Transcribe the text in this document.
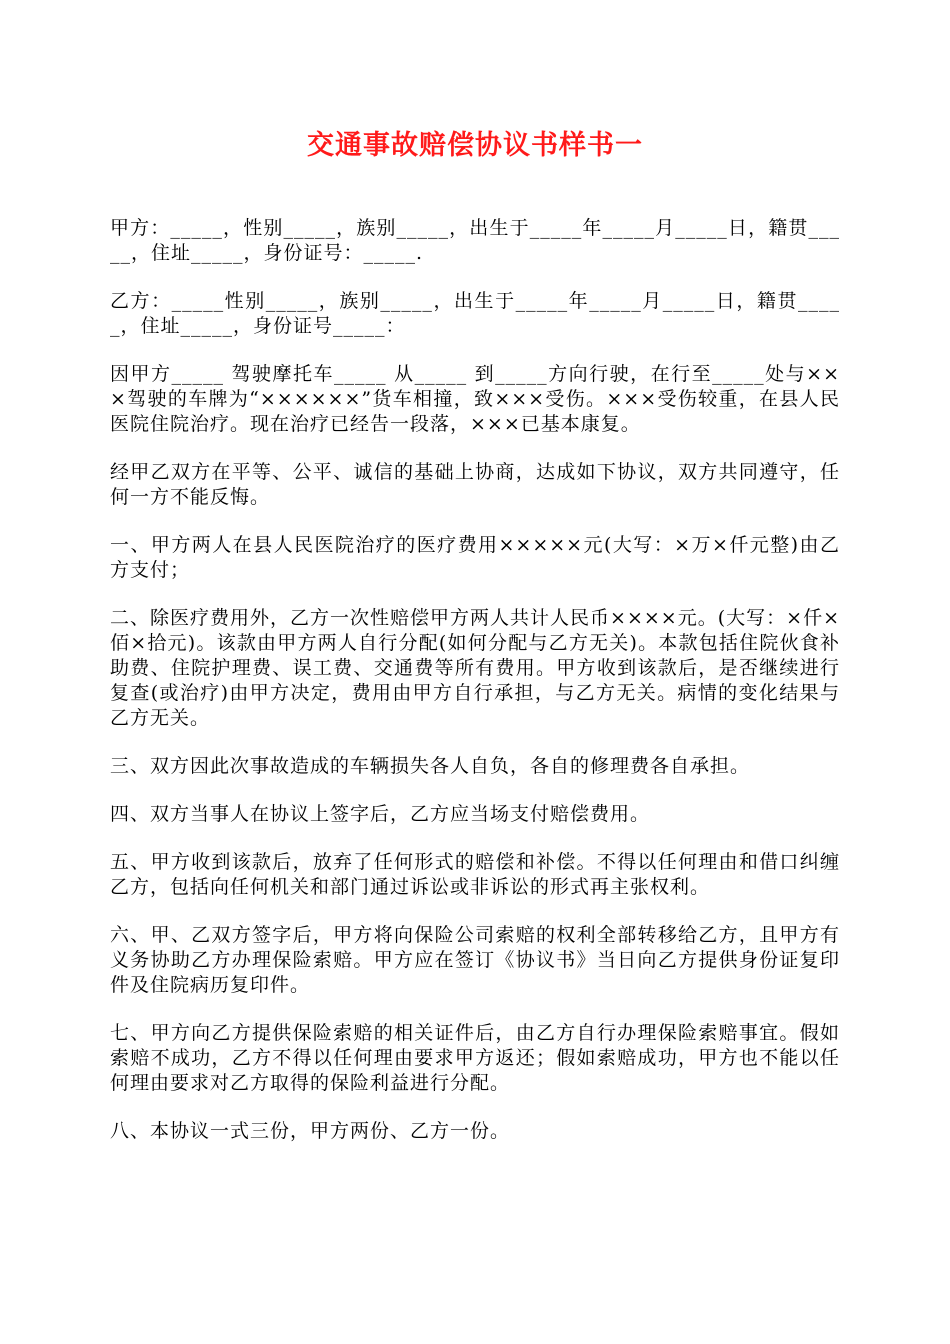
交通事故赔偿协议书样书一

甲方：_____，性别_____，族别_____，出生于_____年_____月_____日，籍贯_____，住址_____，身份证号：_____.

乙方：_____性别_____，族别_____，出生于_____年_____月_____日，籍贯_____，住址_____，身份证号_____：

因甲方_____ 驾驶摩托车_____ 从_____ 到_____方向行驶，在行至_____处与×××驾驶的车牌为“××××××”货车相撞，致×××受伤。×××受伤较重，在县人民医院住院治疗。现在治疗已经告一段落，×××已基本康复。

经甲乙双方在平等、公平、诚信的基础上协商，达成如下协议，双方共同遵守，任何一方不能反悔。

一、甲方两人在县人民医院治疗的医疗费用×××××元(大写：×万×仟元整)由乙方支付；

二、除医疗费用外，乙方一次性赔偿甲方两人共计人民币××××元。(大写：×仟×佰×拾元)。该款由甲方两人自行分配(如何分配与乙方无关)。本款包括住院伙食补助费、住院护理费、误工费、交通费等所有费用。甲方收到该款后，是否继续进行复查(或治疗)由甲方决定，费用由甲方自行承担，与乙方无关。病情的变化结果与乙方无关。

三、双方因此次事故造成的车辆损失各人自负，各自的修理费各自承担。

四、双方当事人在协议上签字后，乙方应当场支付赔偿费用。

五、甲方收到该款后，放弃了任何形式的赔偿和补偿。不得以任何理由和借口纠缠乙方，包括向任何机关和部门通过诉讼或非诉讼的形式再主张权利。

六、甲、乙双方签字后，甲方将向保险公司索赔的权利全部转移给乙方，且甲方有义务协助乙方办理保险索赔。甲方应在签订《协议书》当日向乙方提供身份证复印件及住院病历复印件。

七、甲方向乙方提供保险索赔的相关证件后，由乙方自行办理保险索赔事宜。假如索赔不成功，乙方不得以任何理由要求甲方返还；假如索赔成功，甲方也不能以任何理由要求对乙方取得的保险利益进行分配。

八、本协议一式三份，甲方两份、乙方一份。
